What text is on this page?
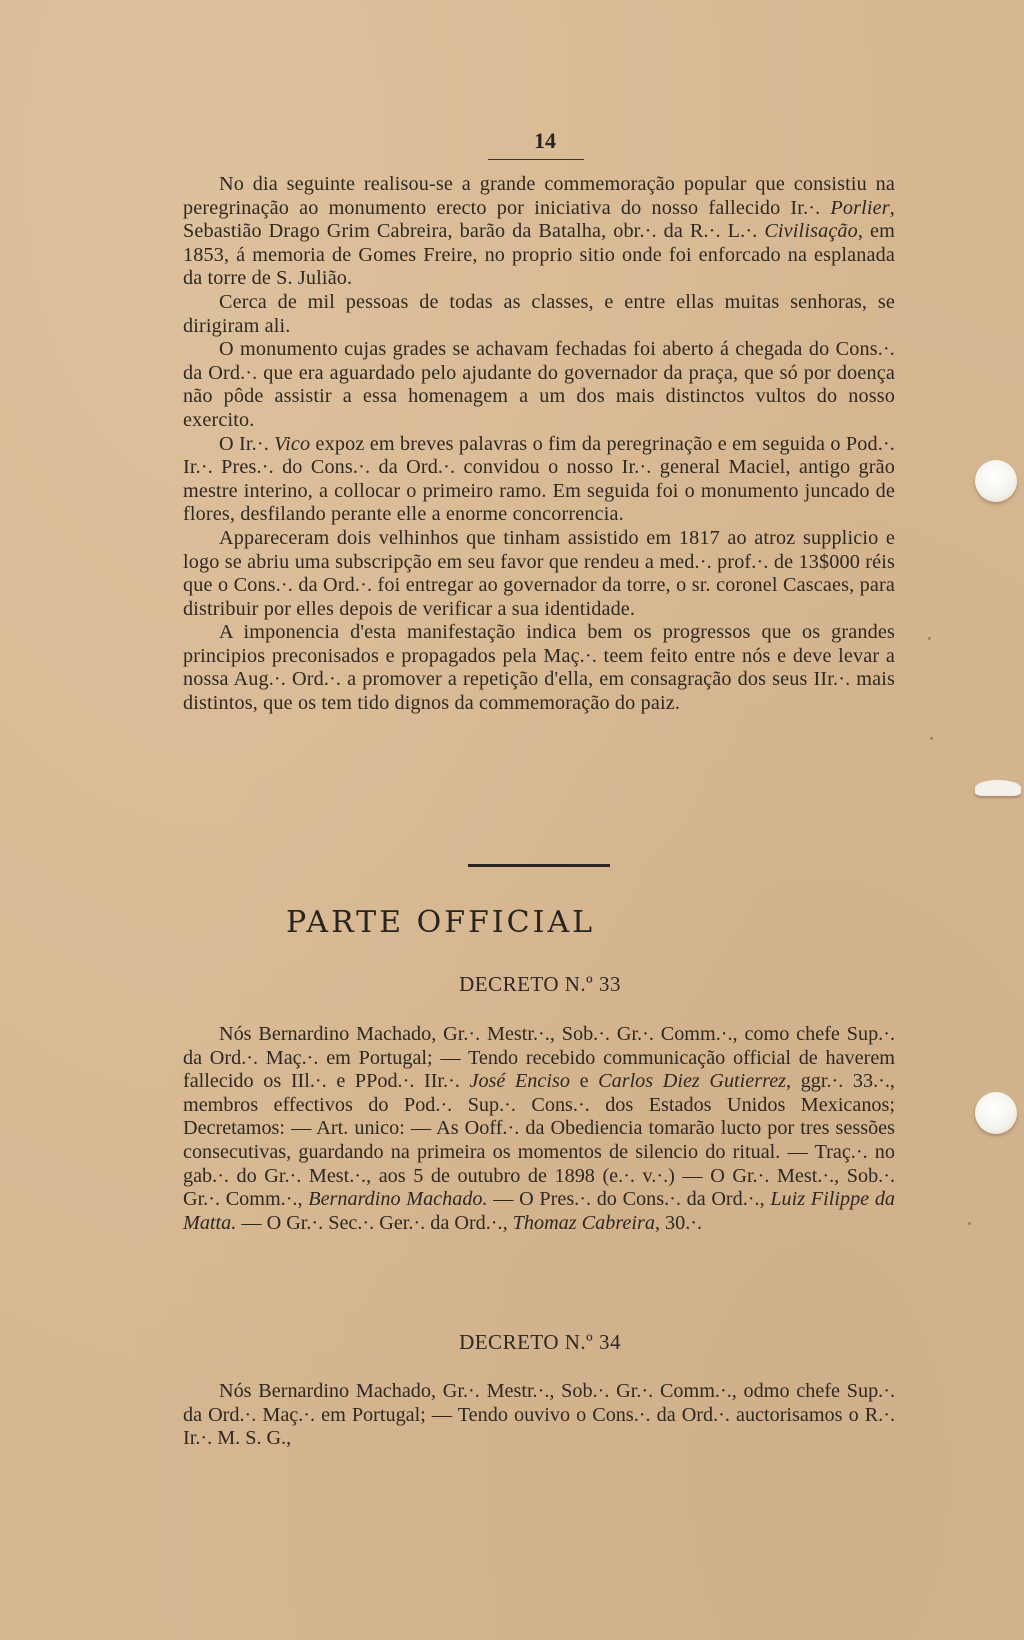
14

No dia seguinte realisou-se a grande commemoração popular que consistiu na peregrinação ao monumento erecto por iniciativa do nosso fallecido Ir.·. Porlier, Sebastião Drago Grim Cabreira, barão da Batalha, obr.·. da R.·. L.·. Civilisação, em 1853, á memoria de Gomes Freire, no proprio sitio onde foi enforcado na esplanada da torre de S. Julião.

Cerca de mil pessoas de todas as classes, e entre ellas muitas senhoras, se dirigiram ali.

O monumento cujas grades se achavam fechadas foi aberto á chegada do Cons.·. da Ord.·. que era aguardado pelo ajudante do governador da praça, que só por doença não pôde assistir a essa homenagem a um dos mais distinctos vultos do nosso exercito.

O Ir.·. Vico expoz em breves palavras o fim da peregrinação e em seguida o Pod.·. Ir.·. Pres.·. do Cons.·. da Ord.·. convidou o nosso Ir.·. general Maciel, antigo grão mestre interino, a collocar o primeiro ramo. Em seguida foi o monumento juncado de flores, desfilando perante elle a enorme concorrencia.

Appareceram dois velhinhos que tinham assistido em 1817 ao atroz supplicio e logo se abriu uma subscripção em seu favor que rendeu a med.·. prof.·. de 13$000 réis que o Cons.·. da Ord.·. foi entregar ao governador da torre, o sr. coronel Cascaes, para distribuir por elles depois de verificar a sua identidade.

A imponencia d'esta manifestação indica bem os progressos que os grandes principios preconisados e propagados pela Maç.·. teem feito entre nós e deve levar a nossa Aug.·. Ord.·. a promover a repetição d'ella, em consagração dos seus IIr.·. mais distintos, que os tem tido dignos da commemoração do paiz.

PARTE OFFICIAL
DECRETO N.º 33

Nós Bernardino Machado, Gr.·. Mestr.·., Sob.·. Gr.·. Comm.·., como chefe Sup.·. da Ord.·. Maç.·. em Portugal; — Tendo recebido communicação official de haverem fallecido os IIl.·. e PPod.·. IIr.·. José Enciso e Carlos Diez Gutierrez, ggr.·. 33.·., membros effectivos do Pod.·. Sup.·. Cons.·. dos Estados Unidos Mexicanos; Decretamos: — Art. unico: — As Ooff.·. da Obediencia tomarão lucto por tres sessões consecutivas, guardando na primeira os momentos de silencio do ritual. — Traç.·. no gab.·. do Gr.·. Mest.·., aos 5 de outubro de 1898 (e.·. v.·.) — O Gr.·. Mest.·., Sob.·. Gr.·. Comm.·., Bernardino Machado. — O Pres.·. do Cons.·. da Ord.·., Luiz Filippe da Matta. — O Gr.·. Sec.·. Ger.·. da Ord.·., Thomaz Cabreira, 30.·.

DECRETO N.º 34

Nós Bernardino Machado, Gr.·. Mestr.·., Sob.·. Gr.·. Comm.·., odmo chefe Sup.·. da Ord.·. Maç.·. em Portugal; — Tendo ouvivo o Cons.·. da Ord.·. auctorisamos o R.·. Ir.·. M. S. G.,
